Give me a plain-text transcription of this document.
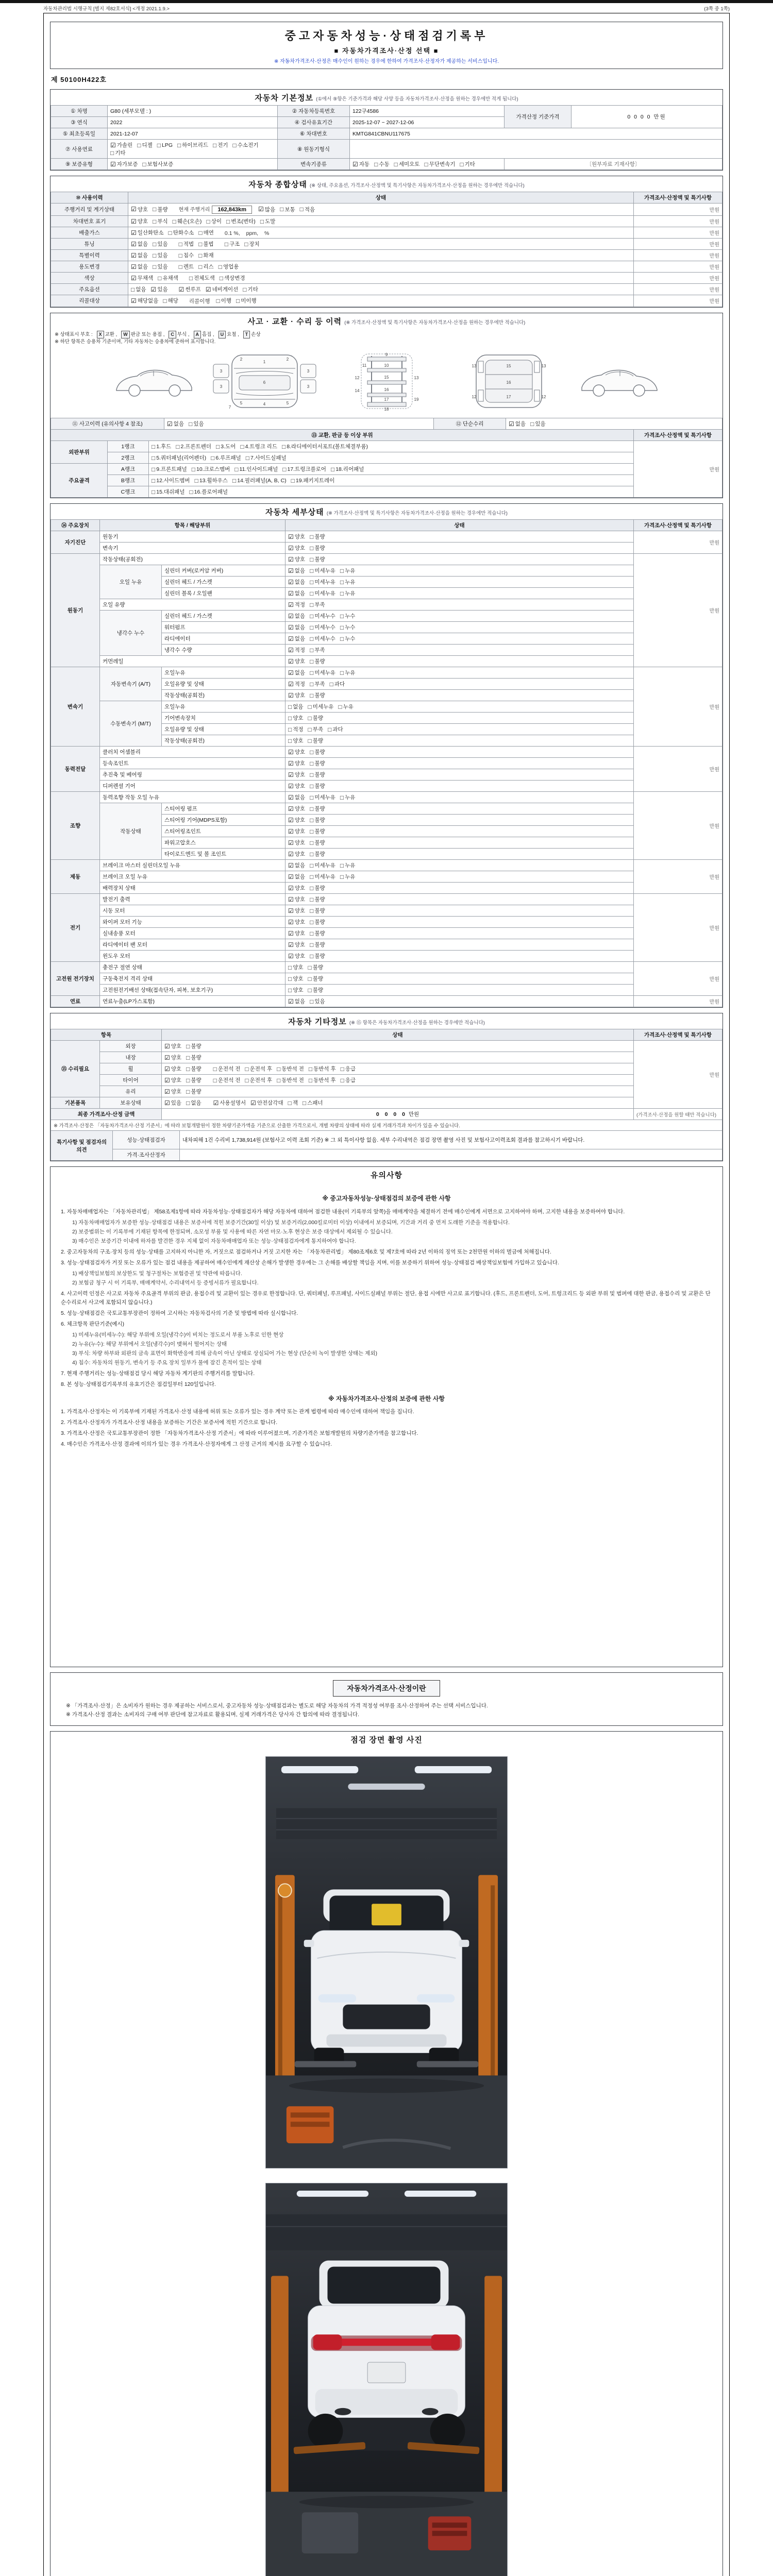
자동차관리법 시행규칙 [별지 제82호서식] <개정 2021.1.9.>	(3쪽 중 1쪽)
중고자동차성능·상태점검기록부
■ 자동차가격조사·산정 선택 ■
※ 자동차가격조사·산정은 매수인이 원하는 경우에 한하여 가격조사·산정자가 제공하는 서비스입니다.
제 50100H422호
자동차 기본정보 (①에서 ⑨항은 기준가격과 해당 사양 등을 자동차가격조사·산정을 원하는 경우에만 적게 됩니다)
① 차명	G80 (세부모델 : )	② 자동차등록번호	122구4586	가격산정 기준가격	0 0 0 0 만원
③ 연식	2022	④ 검사유효기간	2025-12-07 ~ 2027-12-06		
⑤ 최초등록일	2021-12-07	⑥ 차대번호	KMTG841CBNU117675		
⑦ 사용연료	
☑ 가솔린 □ 디젤 □ LPG □ 하이브리드 □ 전기 □ 수소전기
□ 기타
	⑧ 원동기형식	
⑨ 보증유형	☑ 자가보증 □ 보험사보증	변속기종류	☑ 자동 □ 수동 □ 세미오토 □ 무단변속기 □ 기타	〔원부자료 기재사항〕
자동차 종합상태 (※ 상태, 주요옵션, 가격조사·산정액 및 특기사항은 자동차가격조사·산정을 원하는 경우에만 적습니다)
⑩ 사용이력	상태	가격조사·산정액 및 특기사항
주행거리 및 계기상태	☑ 양호 □ 불량 현재 주행거리 162,843km ☑ 많음 □ 보통 □ 적음	만원
차대번호 표기	☑ 양호 □ 부식 □ 훼손(오손) □ 상이 □ 변조(변타) □ 도말	만원
배출가스	☑ 일산화탄소 □ 탄화수소 □ 매연 0.1 %, ppm, %	만원
튜닝	☑ 없음 □ 있음 □ 적법 □ 불법 □ 구조 □ 장치	만원
특별이력	☑ 없음 □ 있음 □ 침수 □ 화재	만원
용도변경	☑ 없음 □ 있음 □ 렌트 □ 리스 □ 영업용	만원
색상	☑ 무채색 □ 유채색 □ 전체도색 □ 색상변경	만원
주요옵션	□ 없음 ☑ 있음 ☑ 썬루프 ☑ 네비게이션 □ 기타	만원
리콜대상	☑ 해당없음 □ 해당 리콜이행 □ 이행 □ 미이행	만원
사고 · 교환 · 수리 등 이력 (※ 가격조사·산정액 및 특기사항은 자동차가격조사·산정을 원하는 경우에만 적습니다)
※ 상태표시 부호 : X 교환 , W 판금 또는 용접 , C 부식 , A 흠집 , U 요철 , T 손상
※ 하단 항목은 승용차 기준이며, 기타 자동차는 승용차에 준하여 표시합니다.
1
6
4
2	2
3
3
3
3
5	5
7
9
10
11
12	13
14
15
16
17
18
19
15
16
17
13	13
12	12
⑪ 사고이력 (유의사항 4 참조)	☑ 없음 □ 있음	⑫ 단순수리	☑ 없음 □ 있음
⑬ 교환, 판금 등 이상 부위			가격조사·산정액 및 특기사항
외판부위	1랭크	□ 1.후드 □ 2.프론트펜더 □ 3.도어 □ 4.트렁크 리드 □ 8.라디에이터서포트(볼트체결부품)
	만원
2랭크	□ 5.쿼터패널(리어펜더) □ 6.루프패널 □ 7.사이드실패널

주요골격	A랭크	□ 9.프론트패널 □ 10.크로스멤버 □ 11.인사이드패널 □ 17.트렁크플로어 □ 18.리어패널

B랭크	□ 12.사이드멤버 □ 13.휠하우스 □ 14.필러패널(A, B, C) □ 19.패키지트레이

	C랭크	□ 15.대쉬패널 □ 16.플로어패널	
자동차 세부상태 (※ 가격조사·산정액 및 특기사항은 자동차가격조사·산정을 원하는 경우에만 적습니다)
⑭ 주요장치	항목 / 해당부위		상태	가격조사·산정액 및 특기사항
자기진단	원동기		☑ 양호 □ 불량	만원
	변속기		☑ 양호 □ 불량	

원동기	작동상태(공회전)		☑ 양호 □ 불량	만원
오일 누유	실린더 커버(로커암 커버)	☑ 없음 □ 미세누유 □ 누유

실린더 헤드 / 가스켓	☑ 없음 □ 미세누유 □ 누유

실린더 블록 / 오일팬	☑ 없음 □ 미세누유 □ 누유

	오일 유량		☑ 적정 □ 부족	

냉각수 누수	실린더 헤드 / 가스켓	☑ 없음 □ 미세누수 □ 누수

워터펌프	☑ 없음 □ 미세누수 □ 누수

라디에이터	☑ 없음 □ 미세누수 □ 누수

		냉각수 수량	☑ 적정 □ 부족	

	커먼레일		☑ 양호 □ 불량	

변속기	자동변속기 (A/T)	오일누유	☑ 없음 □ 미세누유 □ 누유
	만원
오일유량 및 상태	☑ 적정 □ 부족 □ 과다

		작동상태(공회전)	☑ 양호 □ 불량	

수동변속기 (M/T)	오일누유	□ 없음 □ 미세누유 □ 누유

		기어변속장치	□ 양호 □ 불량	

오일유량 및 상태	□ 적정 □ 부족 □ 과다

		작동상태(공회전)	□ 양호 □ 불량	

동력전달	클러치 어셈블리		☑ 양호 □ 불량	만원
	등속조인트		☑ 양호 □ 불량	

	추진축 및 베어링		☑ 양호 □ 불량	

	디퍼렌셜 기어		☑ 양호 □ 불량	

조향	동력조향 작동 오일 누유	☑ 없음 □ 미세누유 □ 누유
	만원
	작동상태	스티어링 펌프	☑ 양호 □ 불량	

		스티어링 기어(MDPS포함)	☑ 양호 □ 불량	

		스티어링조인트	☑ 양호 □ 불량	

		파워고압호스	☑ 양호 □ 불량	

		타이로드엔드 및 볼 조인트	☑ 양호 □ 불량	

제동	브레이크 마스터 실린더오일 누유	☑ 없음 □ 미세누유 □ 누유
	만원
브레이크 오일 누유	☑ 없음 □ 미세누유 □ 누유

	배력장치 상태		☑ 양호 □ 불량	

전기	발전기 출력		☑ 양호 □ 불량	만원
	시동 모터		☑ 양호 □ 불량	

	와이퍼 모터 기능		☑ 양호 □ 불량	

	실내송풍 모터		☑ 양호 □ 불량	

	라디에이터 팬 모터		☑ 양호 □ 불량	

	윈도우 모터		☑ 양호 □ 불량	

고전원 전기장치	충전구 절연 상태		□ 양호 □ 불량	만원
	구동축전지 격리 상태		□ 양호 □ 불량	

	고전원전기배선 상태(접속단자, 피복, 보호기구)		□ 양호 □ 불량	

연료	연료누출(LP가스포함)		☑ 없음 □ 있음	만원
자동차 기타정보 (※ ⑮ 항목은 자동차가격조사·산정을 원하는 경우에만 적습니다)
항목		상태	가격조사·산정액 및 특기사항
⑮ 수리필요	외장	☑ 양호 □ 불량	만원
	내장	☑ 양호 □ 불량	

휠	☑ 양호 □ 불량 □ 운전석 전 □ 운전석 후 □ 동반석 전 □ 동반석 후 □ 응급

타이어	☑ 양호 □ 불량 □ 운전석 전 □ 운전석 후 □ 동반석 전 □ 동반석 후 □ 응급

	유리	☑ 양호 □ 불량	

기본품목	보유상태	☑ 있음 □ 없음 ☑ 사용설명서 ☑ 안전삼각대 □ 잭 □ 스패너
최종 가격조사·산정 금액	0 0 0 0 만원	(가격조사·산정을 원할 때만 적습니다)
※ 가격조사·산정은 「자동차가격조사·산정 기준서」에 따라 보험개발원이 정한 차량기준가액을 기준으로 산출한 가격으로서, 개별 차량의 상태에 따라 실제 거래가격과 차이가 있을 수 있습니다.
특기사항 및 점검자의 의견	성능·상태점검자	내차피해 1건 수리비 1,738,914원 (보험사고 이력 조회 기준) ※ 그 외 특이사항 없음. 세부 수리내역은 점검 장면 촬영 사진 및 보험사고이력조회 결과를 참고하시기 바랍니다.
	가격·조사산정자	
유의사항
※ 중고자동차성능·상태점검의 보증에 관한 사항
1. 자동차매매업자는 「자동차관리법」 제58조제1항에 따라 자동차성능·상태점검자가 해당 자동차에 대하여 점검한 내용(이 기록부의 앞쪽)을 매매계약을 체결하기 전에 매수인에게 서면으로 고지하여야 하며, 고지한 내용을 보증하여야 합니다.
1) 자동차매매업자가 보증한 성능·상태점검 내용은 보증서에 적힌 보증기간(30일 이상) 및 보증거리(2,000킬로미터 이상) 이내에서 보증되며, 기간과 거리 중 먼저 도래한 기준을 적용합니다.
2) 보증범위는 이 기록부에 기재된 항목에 한정되며, 소모성 부품 및 사용에 따른 자연 마모·노후 현상은 보증 대상에서 제외될 수 있습니다.
3) 매수인은 보증기간 이내에 하자를 발견한 경우 지체 없이 자동차매매업자 또는 성능·상태점검자에게 통지하여야 합니다.
2. 중고자동차의 구조·장치 등의 성능·상태를 고지하지 아니한 자, 거짓으로 점검하거나 거짓 고지한 자는 「자동차관리법」 제80조제6호 및 제7호에 따라 2년 이하의 징역 또는 2천만원 이하의 벌금에 처해집니다.
3. 성능·상태점검자가 거짓 또는 오류가 있는 점검 내용을 제공하여 매수인에게 재산상 손해가 발생한 경우에는 그 손해를 배상할 책임을 지며, 이를 보증하기 위하여 성능·상태점검 배상책임보험에 가입하고 있습니다.
1) 배상책임보험의 보상한도 및 청구절차는 보험증권 및 약관에 따릅니다.
2) 보험금 청구 시 이 기록부, 매매계약서, 수리내역서 등 증빙서류가 필요합니다.
4. 사고이력 인정은 사고로 자동차 주요골격 부위의 판금, 용접수리 및 교환이 있는 경우로 한정합니다. 단, 쿼터패널, 루프패널, 사이드실패널 부위는 절단, 용접 시에만 사고로 표기합니다. (후드, 프론트펜더, 도어, 트렁크리드 등 외판 부위 및 범퍼에 대한 판금, 용접수리 및 교환은 단순수리로서 사고에 포함되지 않습니다.)
5. 성능·상태점검은 국토교통부장관이 정하여 고시하는 자동차검사의 기준 및 방법에 따라 실시합니다.
6. 체크항목 판단기준(예시)
1) 미세누유(미세누수): 해당 부위에 오일(냉각수)이 비치는 정도로서 부품 노후로 인한 현상
2) 누유(누수): 해당 부위에서 오일(냉각수)이 맺혀서 떨어지는 상태
3) 부식: 차량 하부와 외판의 금속 표면이 화학반응에 의해 금속이 아닌 상태로 상실되어 가는 현상 (단순히 녹이 발생한 상태는 제외)
4) 침수: 자동차의 원동기, 변속기 등 주요 장치 일부가 물에 잠긴 흔적이 있는 상태
7. 현재 주행거리는 성능·상태점검 당시 해당 자동차 계기판의 주행거리를 말합니다.
8. 본 성능·상태점검기록부의 유효기간은 점검일부터 120일입니다.
※ 자동차가격조사·산정의 보증에 관한 사항
1. 가격조사·산정자는 이 기록부에 기재된 가격조사·산정 내용에 허위 또는 오류가 있는 경우 계약 또는 관계 법령에 따라 매수인에 대하여 책임을 집니다.
2. 가격조사·산정자가 가격조사·산정 내용을 보증하는 기간은 보증서에 적힌 기간으로 합니다.
3. 가격조사·산정은 국토교통부장관이 정한 「자동차가격조사·산정 기준서」에 따라 이루어졌으며, 기준가격은 보험개발원의 차량기준가액을 참고합니다.
4. 매수인은 가격조사·산정 결과에 이의가 있는 경우 가격조사·산정자에게 그 산정 근거의 제시를 요구할 수 있습니다.
자동차가격조사·산정이란
※ 「가격조사·산정」은 소비자가 원하는 경우 제공하는 서비스로서, 중고자동차 성능·상태점검과는 별도로 해당 자동차의 가격 적정성 여부를 조사·산정하여 주는 선택 서비스입니다.
※ 가격조사·산정 결과는 소비자의 구매 여부 판단에 참고자료로 활용되며, 실제 거래가격은 당사자 간 합의에 따라 결정됩니다.
점검 장면 촬영 사진
